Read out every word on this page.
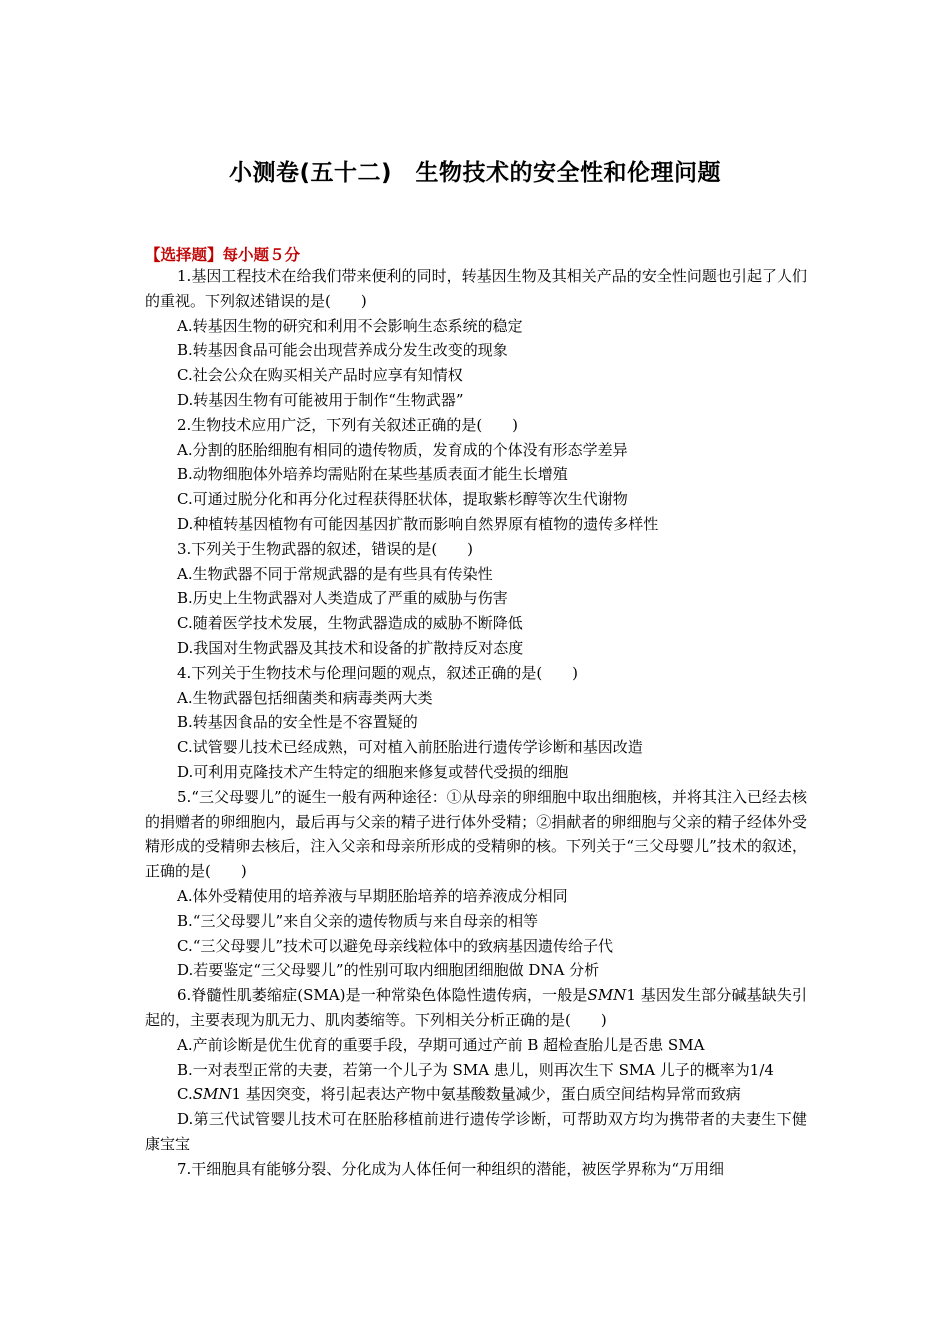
小测卷(五十二)　生物技术的安全性和伦理问题
【选择题】每小题５分

1.基因工程技术在给我们带来便利的同时，转基因生物及其相关产品的安全性问题也引起了人们的重视。下列叙述错误的是(　　)

A.转基因生物的研究和利用不会影响生态系统的稳定

B.转基因食品可能会出现营养成分发生改变的现象

C.社会公众在购买相关产品时应享有知情权

D.转基因生物有可能被用于制作“生物武器”

2.生物技术应用广泛，下列有关叙述正确的是(　　)

A.分割的胚胎细胞有相同的遗传物质，发育成的个体没有形态学差异

B.动物细胞体外培养均需贴附在某些基质表面才能生长增殖

C.可通过脱分化和再分化过程获得胚状体，提取紫杉醇等次生代谢物

D.种植转基因植物有可能因基因扩散而影响自然界原有植物的遗传多样性

3.下列关于生物武器的叙述，错误的是(　　)

A.生物武器不同于常规武器的是有些具有传染性

B.历史上生物武器对人类造成了严重的威胁与伤害

C.随着医学技术发展，生物武器造成的威胁不断降低

D.我国对生物武器及其技术和设备的扩散持反对态度

4.下列关于生物技术与伦理问题的观点，叙述正确的是(　　)

A.生物武器包括细菌类和病毒类两大类

B.转基因食品的安全性是不容置疑的

C.试管婴儿技术已经成熟，可对植入前胚胎进行遗传学诊断和基因改造

D.可利用克隆技术产生特定的细胞来修复或替代受损的细胞

5.“三父母婴儿”的诞生一般有两种途径：①从母亲的卵细胞中取出细胞核，并将其注入已经去核的捐赠者的卵细胞内，最后再与父亲的精子进行体外受精；②捐献者的卵细胞与父亲的精子经体外受精形成的受精卵去核后，注入父亲和母亲所形成的受精卵的核。下列关于“三父母婴儿”技术的叙述，正确的是(　　)

A.体外受精使用的培养液与早期胚胎培养的培养液成分相同

B.“三父母婴儿”来自父亲的遗传物质与来自母亲的相等

C.“三父母婴儿”技术可以避免母亲线粒体中的致病基因遗传给子代

D.若要鉴定“三父母婴儿”的性别可取内细胞团细胞做 DNA 分析

6.脊髓性肌萎缩症(SMA)是一种常染色体隐性遗传病，一般是SMN1 基因发生部分碱基缺失引起的，主要表现为肌无力、肌肉萎缩等。下列相关分析正确的是(　　)

A.产前诊断是优生优育的重要手段，孕期可通过产前 B 超检查胎儿是否患 SMA

B.一对表型正常的夫妻，若第一个儿子为 SMA 患儿，则再次生下 SMA 儿子的概率为1/4

C.SMN1 基因突变，将引起表达产物中氨基酸数量减少，蛋白质空间结构异常而致病

D.第三代试管婴儿技术可在胚胎移植前进行遗传学诊断，可帮助双方均为携带者的夫妻生下健康宝宝

7.干细胞具有能够分裂、分化成为人体任何一种组织的潜能，被医学界称为“万用细
